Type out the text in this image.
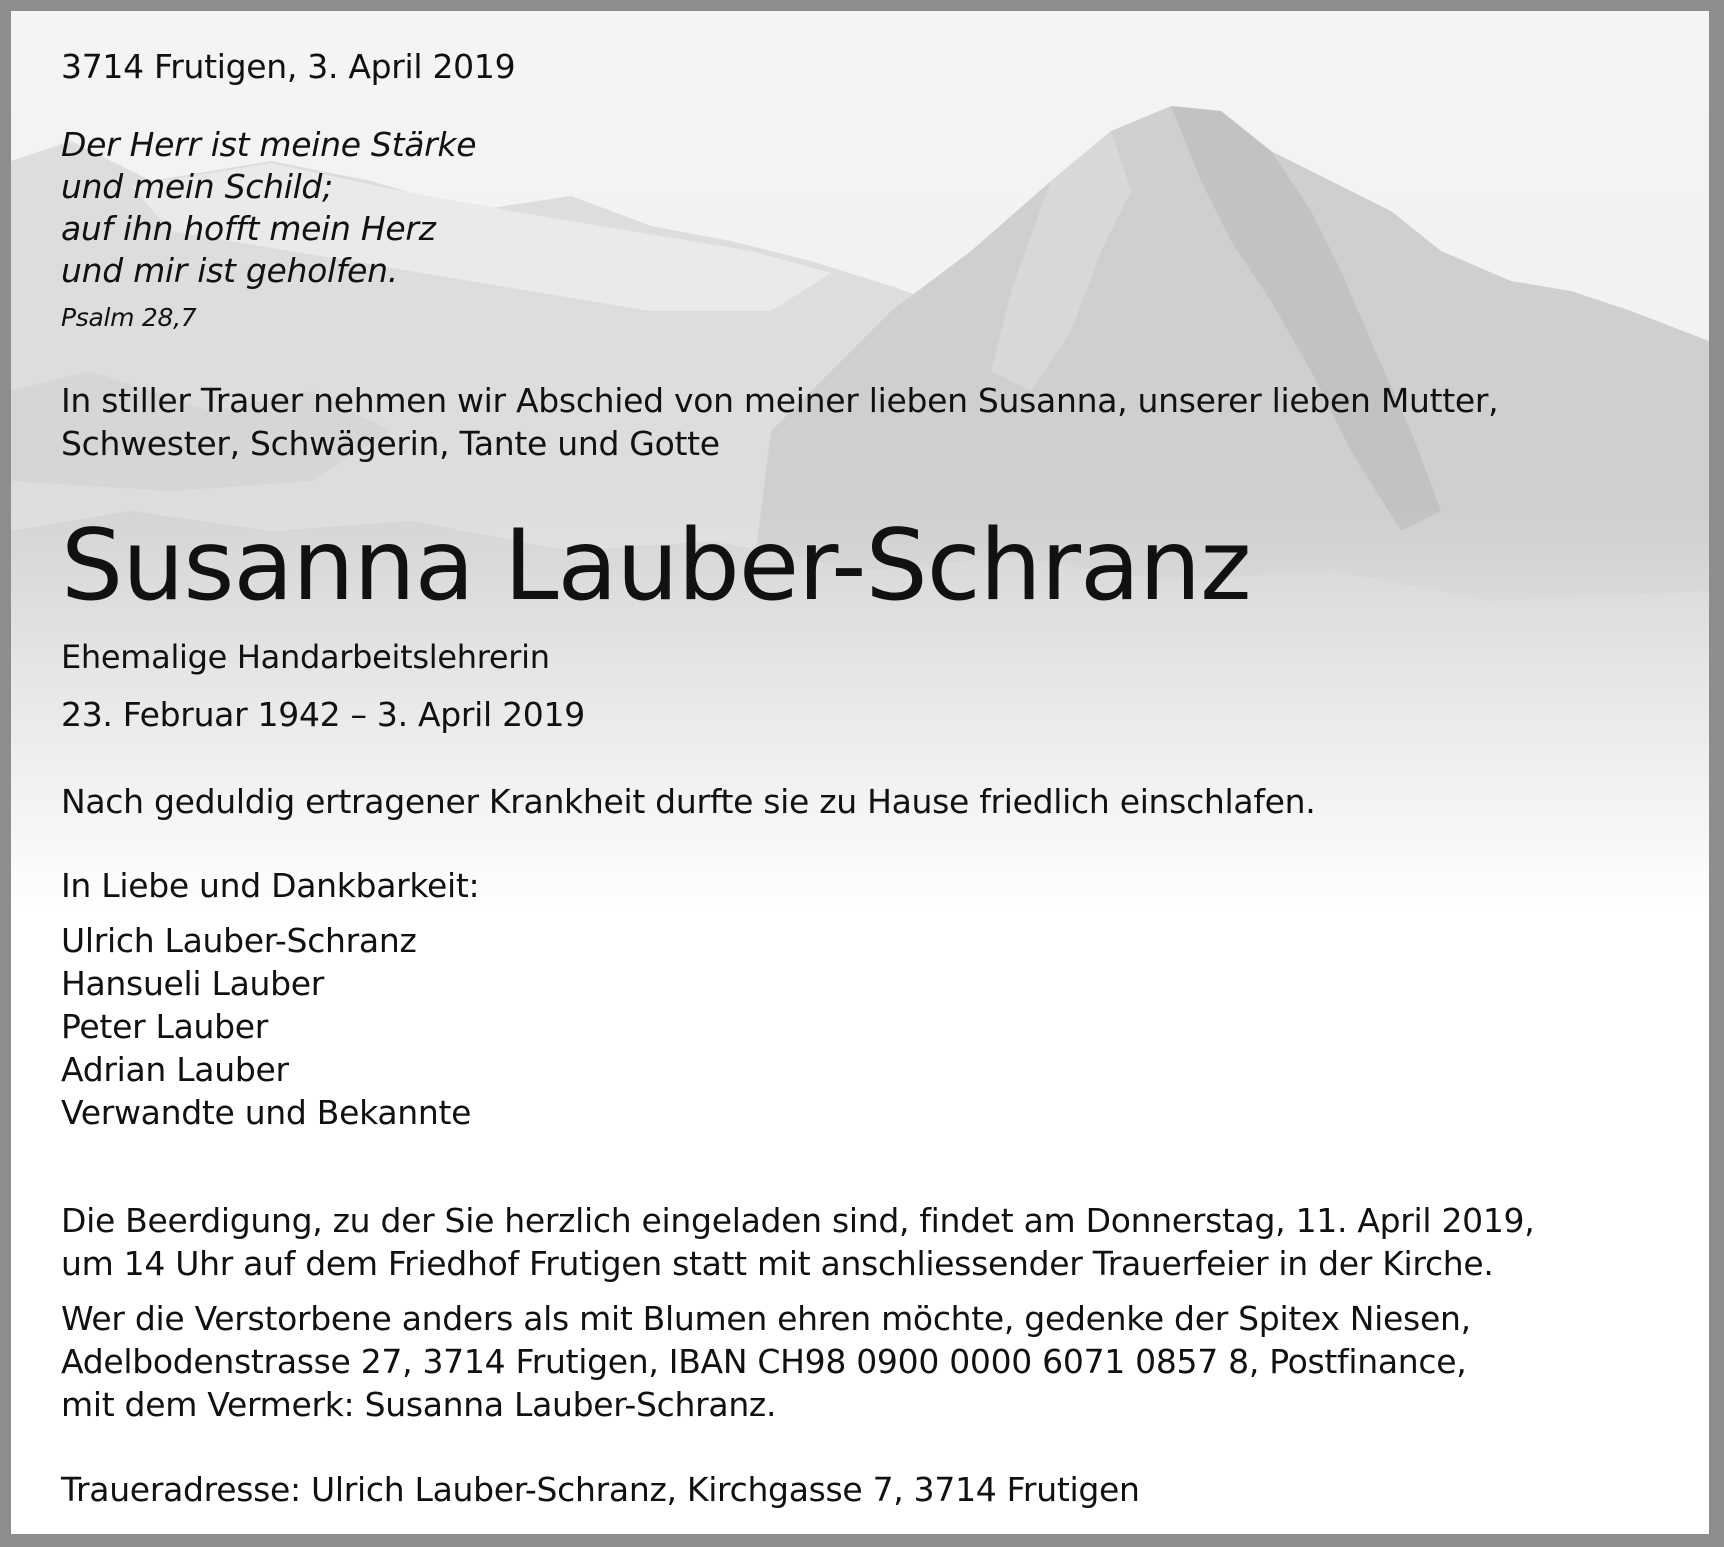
3714 Frutigen, 3. April 2019
Der Herr ist meine Stärke
und mein Schild;
auf ihn hofft mein Herz
und mir ist geholfen.
Psalm 28,7
In stiller Trauer nehmen wir Abschied von meiner lieben Susanna, unserer lieben Mutter,
Schwester, Schwägerin, Tante und Gotte
Susanna Lauber-Schranz
Ehemalige Handarbeitslehrerin
23. Februar 1942 – 3. April 2019
Nach geduldig ertragener Krankheit durfte sie zu Hause friedlich einschlafen.
In Liebe und Dankbarkeit:
Ulrich Lauber-Schranz
Hansueli Lauber
Peter Lauber
Adrian Lauber
Verwandte und Bekannte
Die Beerdigung, zu der Sie herzlich eingeladen sind, findet am Donnerstag, 11. April 2019,
um 14 Uhr auf dem Friedhof Frutigen statt mit anschliessender Trauerfeier in der Kirche.
Wer die Verstorbene anders als mit Blumen ehren möchte, gedenke der Spitex Niesen,
Adelbodenstrasse 27, 3714 Frutigen, IBAN CH98 0900 0000 6071 0857 8, Postfinance,
mit dem Vermerk: Susanna Lauber-Schranz.
Traueradresse: Ulrich Lauber-Schranz, Kirchgasse 7, 3714 Frutigen
